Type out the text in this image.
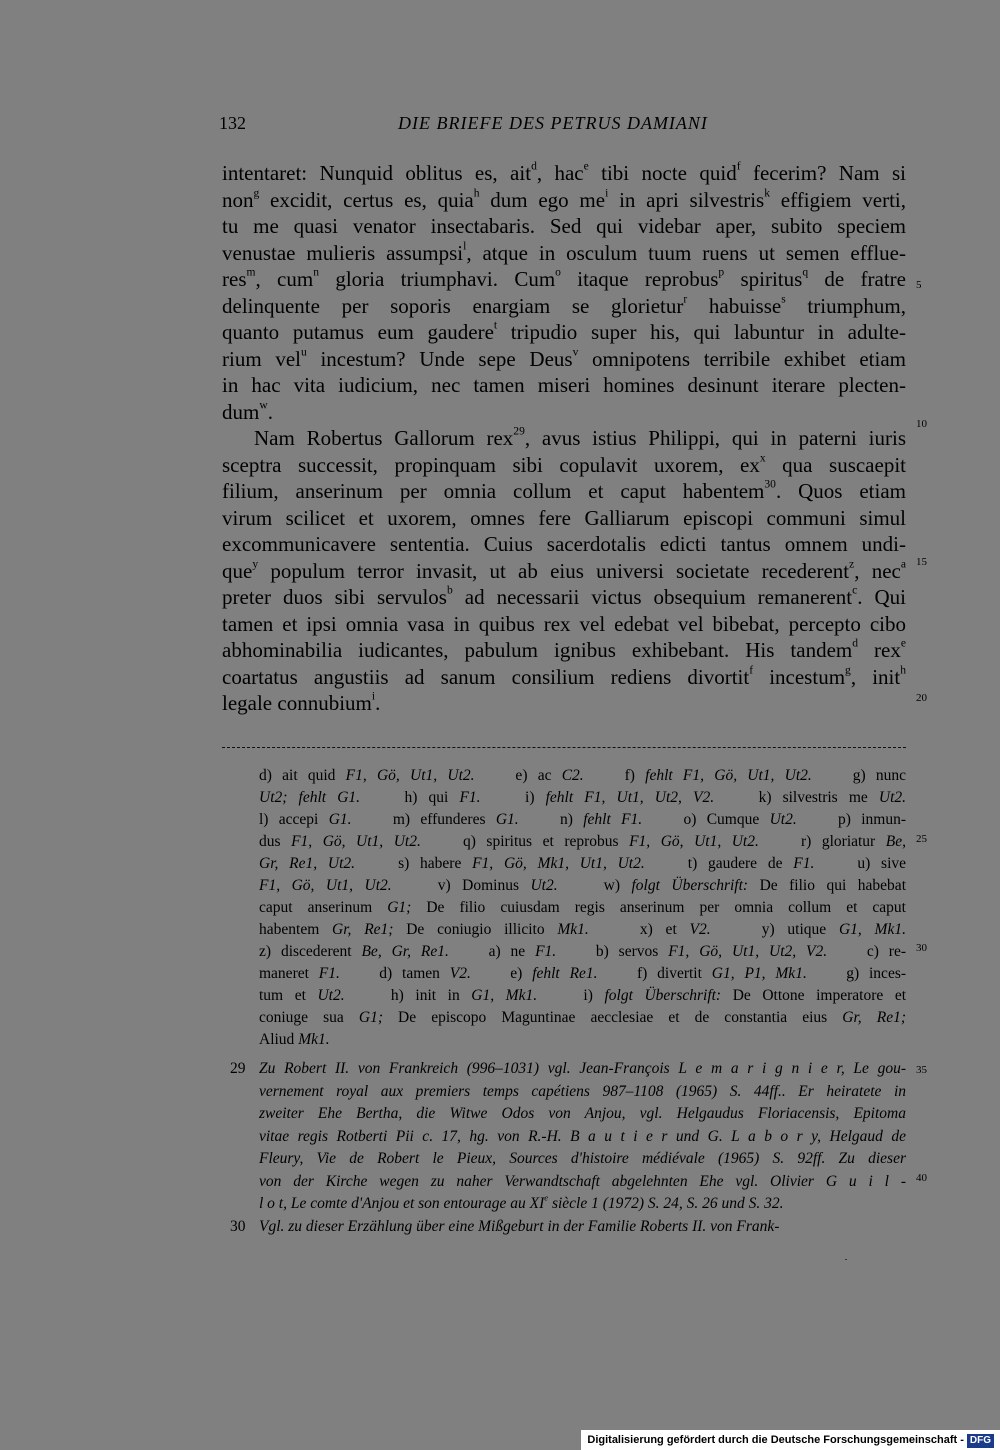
132	DIE BRIEFE DES PETRUS DAMIANI
intentaret: Nunquid oblitus es, ait$^d$, hac$^e$ tibi nocte quid$^f$ fecerim? Nam si
non$^g$ excidit, certus es, quia$^h$ dum ego $me^i$ in apri silvestris$^k$ effigiem verti,
tu me quasi venator insectabaris. Sed qui videbar aper, subito speciem
venustae mulieris assumpsi$^l$, atque in osculum tuum ruens ut semen efflue-
res$^m$, cum$^n$ gloria triumphavi. Cum$^o$ itaque reprobus$^p$ spiritus$^q$ de fratre
delinquente per soporis enargiam se glorietur$^r$ habuisse$^s$ triumphum,
quanto putamus eum gaudere$^t$ tripudio super his, qui labuntur in adulte-
rium vel$^u$ incestum? Unde sepe Deus$^v$ omnipotens terribile exhibet etiam
in hac vita iudicium, nec tamen miseri homines desinunt iterare plecten-
dum$^w$.
Nam Robertus Gallorum rex$^{29}$, avus istius Philippi, qui in paterni iuris
sceptra successit, propinquam sibi copulavit uxorem, $ex^x$ qua suscaepit
filium, anserinum per omnia collum et caput habentem$^{30}$. Quos etiam
virum scilicet et uxorem, omnes fere Galliarum episcopi communi simul
excommunicavere sententia. Cuius sacerdotalis edicti tantus omnem undi-
que$^y$ populum terror invasit, ut ab eius universi societate recederent$^z$, nec$^a$
preter duos sibi servulos$^b$ ad necessarii victus obsequium remanerent$^c$. Qui
tamen et ipsi omnia vasa in quibus rex vel edebat vel bibebat, percepto cibo
abhominabilia iudicantes, pabulum ignibus exhibebant. His tandem$^d$ rex$^e$
coartatus angustiis ad sanum consilium rediens divortit$^f$ incestum$^g$, init$^h$
legale connubium$^i$.
5
10
15
20
25
30
35
40
d) ait quid F1, Gö, Ut1, Ut2.    e) ac C2.    f) fehlt F1, Gö, Ut1, Ut2.    g) nunc
Ut2; fehlt G1.    h) qui F1.    i) fehlt F1, Ut1, Ut2, V2.    k) silvestris me Ut2.
l) accepi G1.    m) effunderes G1.    n) fehlt F1.    o) Cumque Ut2.    p) inmun-
dus F1, Gö, Ut1, Ut2.    q) spiritus et reprobus F1, Gö, Ut1, Ut2.    r) gloriatur Be,
Gr, Re1, Ut2.    s) habere F1, Gö, Mk1, Ut1, Ut2.    t) gaudere de F1.    u) sive
F1, Gö, Ut1, Ut2.    v) Dominus Ut2.    w) folgt Überschrift: De filio qui habebat
caput anserinum G1; De filio cuiusdam regis anserinum per omnia collum et caput
habentem Gr, Re1; De coniugio illicito Mk1.    x) et V2.    y) utique G1, Mk1.
z) discederent Be, Gr, Re1.    a) ne F1.    b) servos F1, Gö, Ut1, Ut2, V2.    c) re-
maneret F1.    d) tamen V2.    e) fehlt Re1.    f) divertit G1, P1, Mk1.    g) inces-
tum et Ut2.    h) init in G1, Mk1.    i) folgt Überschrift: De Ottone imperatore et
coniuge sua G1; De episcopo Maguntinae aecclesiae et de constantia eius Gr, Re1;
Aliud Mk1.
29 Zu Robert II. von Frankreich (996–1031) vgl. Jean-François L e m a r i g n i e r, Le gou-
vernement royal aux premiers temps capétiens 987–1108 (1965) S. 44ff.. Er heiratete in
zweiter Ehe Bertha, die Witwe Odos von Anjou, vgl. Helgaudus Floriacensis, Epitoma
vitae regis Rotberti Pii c. 17, hg. von R.-H. B a u t i e r und G. L a b o r y, Helgaud de
Fleury, Vie de Robert le Pieux, Sources d'histoire médiévale (1965) S. 92ff. Zu dieser
von der Kirche wegen zu naher Verwandtschaft abgelehnten Ehe vgl. Olivier G u i l -
l o t, Le comte d'Anjou et son entourage au XIe siècle 1 (1972) S. 24, S. 26 und S. 32.
30 Vgl. zu dieser Erzählung über eine Mißgeburt in der Familie Roberts II. von Frank-
Digitalisierung gefördert durch die Deutsche Forschungsgemeinschaft - DFG
